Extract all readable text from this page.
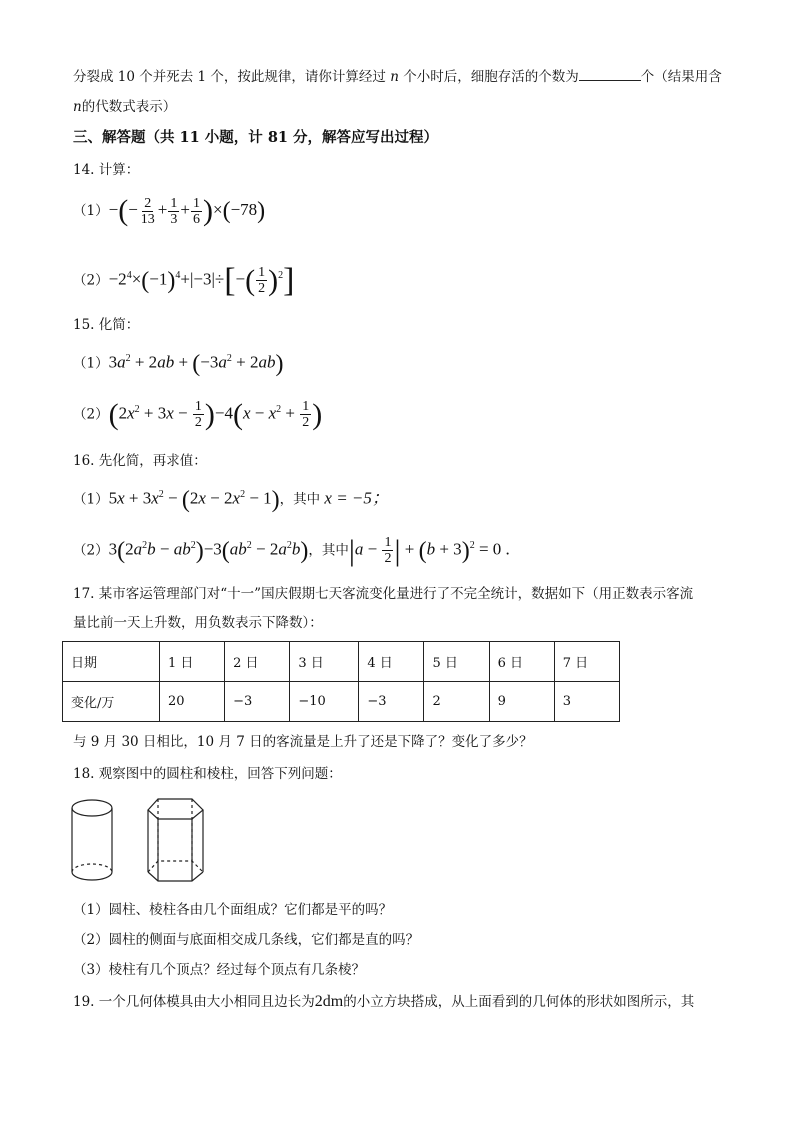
分裂成 10 个并死去 1 个，按此规律，请你计算经过 n 个小时后，细胞存活的个数为	个（结果用含
n的代数式表示）
三、解答题（共 11 小题，计 81 分，解答应写出过程）
14. 计算：
$(1)-(- \frac{2}{13} + \frac{1}{3} + \frac{1}{6} )\times(-78)$
$(2)-2^4\times(-1)^4+|-3|\div[-( \frac{1}{2} )^2]$
15. 化简：
$(1)3a^2 + 2ab + (-3a^2 + 2ab)$
$(2)(2x^2 + 3x - \frac{1}{2} )-4(x - x^2 + \frac{1}{2}$ )
16. 先化简，再求值：
$(1)5x + 3x^2 - (2x - 2x^2 - 1)$，其中 x = −5；
$(2)3(2a^2b - ab^2)-3(ab^2 - 2a^2b)$，其中$|a - \frac{1}{2}$ | + $(b + 3)^2 = 0$ .
17. 某市客运管理部门对“十一”国庆假期七天客流变化量进行了不完全统计，数据如下（用正数表示客流
量比前一天上升数，用负数表示下降数）：
日期	1 日	2 日	3 日	4 日	5 日	6 日	7 日
变化/万	20	−3	−10	−3	2	9	3
与 9 月 30 日相比，10 月 7 日的客流量是上升了还是下降了？变化了多少？
18. 观察图中的圆柱和棱柱，回答下列问题：
（1）圆柱、棱柱各由几个面组成？它们都是平的吗？
（2）圆柱的侧面与底面相交成几条线，它们都是直的吗？
（3）棱柱有几个顶点？经过每个顶点有几条棱？
19. 一个几何体模具由大小相同且边长为2dm的小立方块搭成，从上面看到的几何体的形状如图所示，其
